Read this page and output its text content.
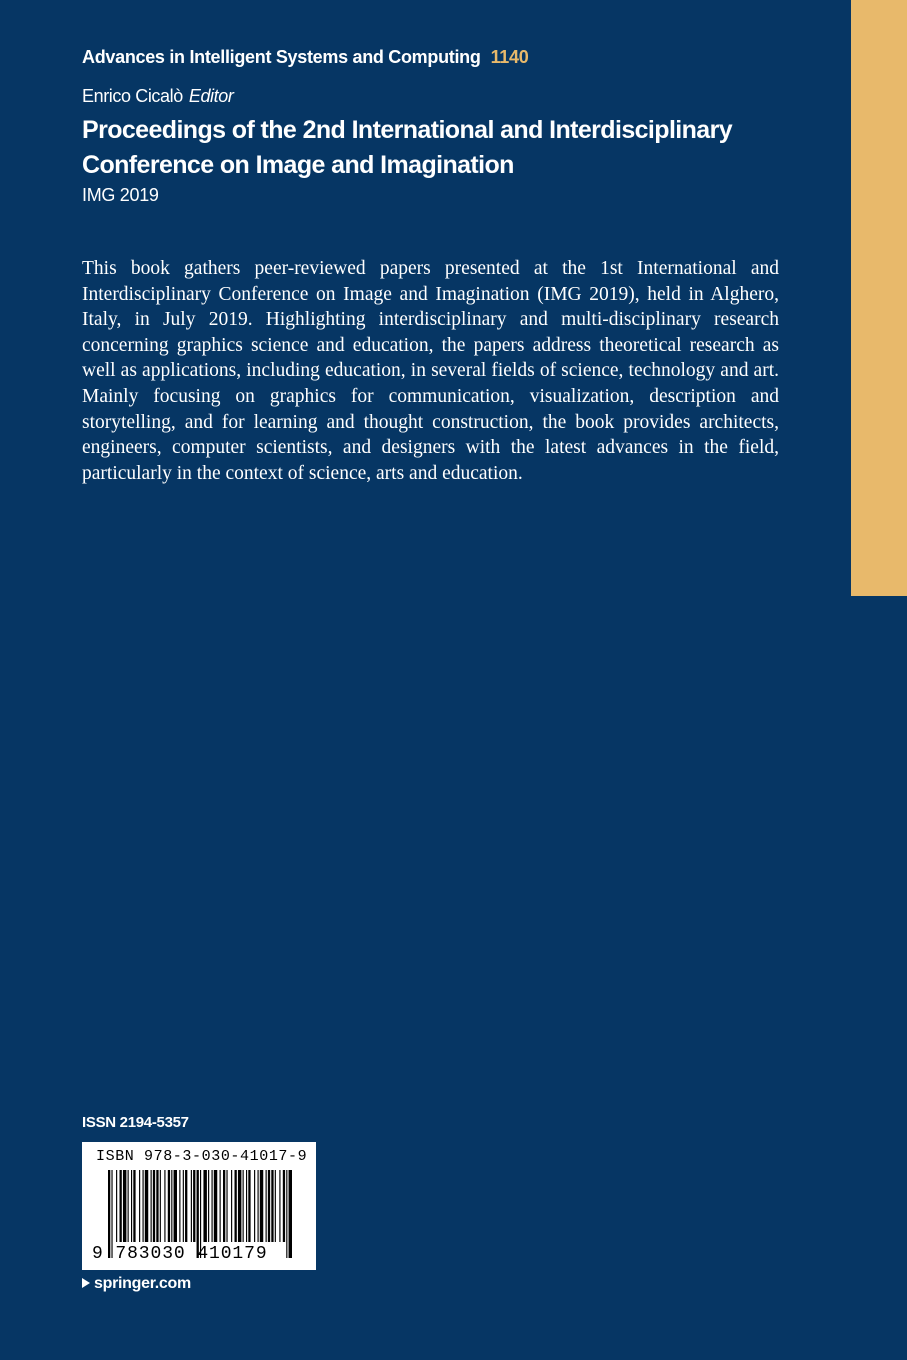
Advances in Intelligent Systems and Computing 1140
Enrico Cicalò Editor
Proceedings of the 2nd International and Interdisciplinary Conference on Image and Imagination
IMG 2019

This book gathers peer-reviewed papers presented at the 1st International and Interdisciplinary Conference on Image and Imagination (IMG 2019), held in Alghero, Italy, in July 2019. Highlighting interdisciplinary and multi-disciplinary research concerning graphics science and education, the papers address theoretical research as well as applications, including education, in several fields of science, technology and art. Mainly focusing on graphics for communication, visualization, description and storytelling, and for learning and thought construction, the book provides architects, engineers, computer scientists, and designers with the latest advances in the field, particularly in the context of science, arts and education.

ISSN 2194-5357
ISBN 978-3-030-41017-9
9 783030 410179
springer.com
